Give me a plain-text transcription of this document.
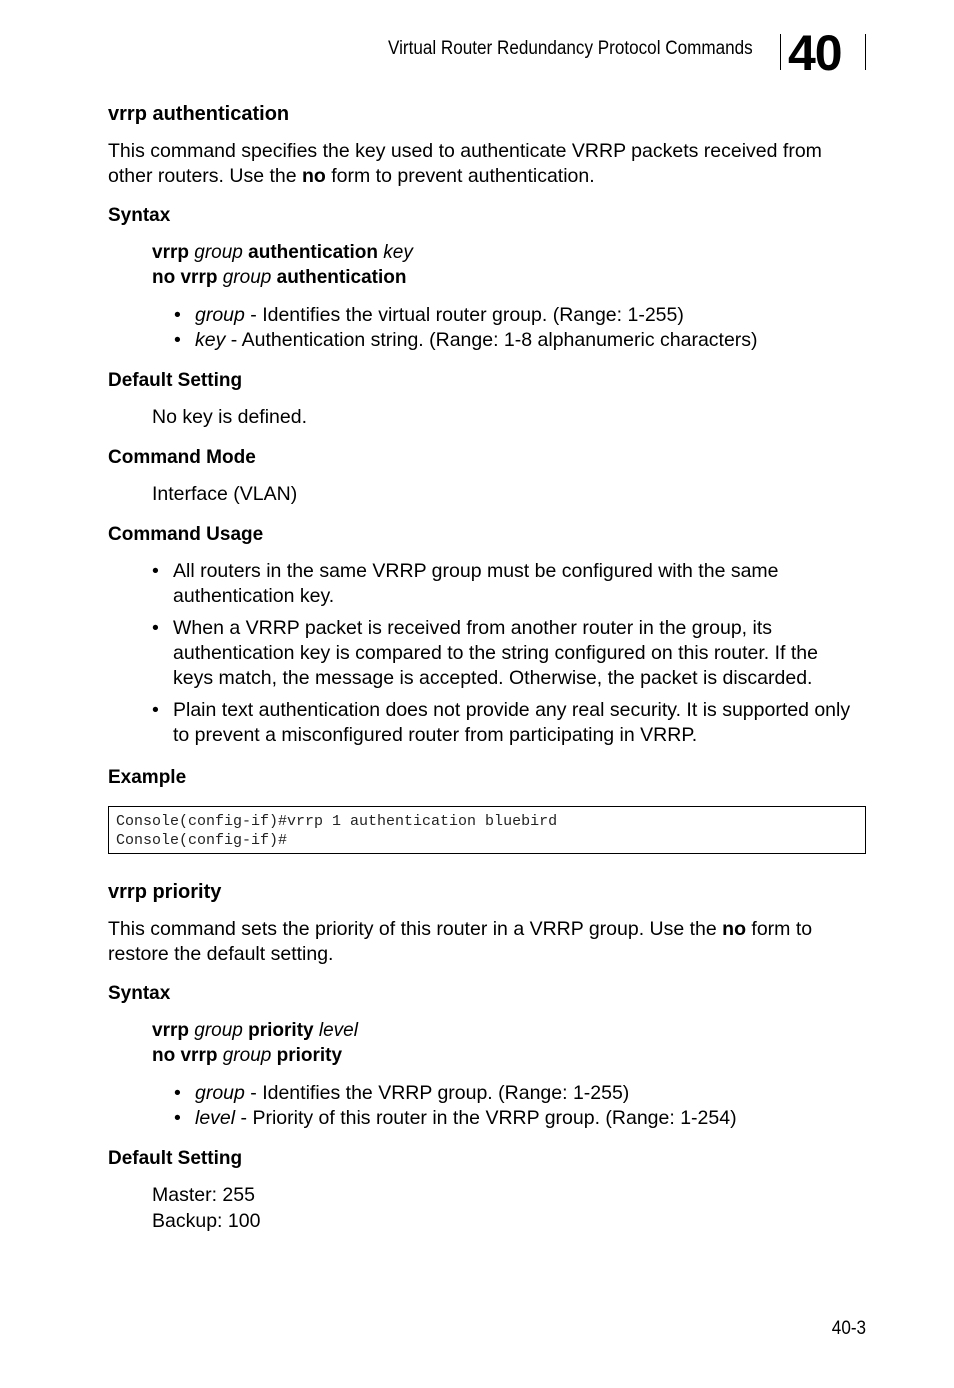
Virtual Router Redundancy Protocol Commands 40
vrrp authentication

This command specifies the key used to authenticate VRRP packets received from other routers. Use the no form to prevent authentication.

Syntax
vrrp group authentication key
no vrrp group authentication
• group - Identifies the virtual router group. (Range: 1-255)
• key - Authentication string. (Range: 1-8 alphanumeric characters)
Default Setting
No key is defined.
Command Mode
Interface (VLAN)
Command Usage
• All routers in the same VRRP group must be configured with the same authentication key.
• When a VRRP packet is received from another router in the group, its authentication key is compared to the string configured on this router. If the keys match, the message is accepted. Otherwise, the packet is discarded.
• Plain text authentication does not provide any real security. It is supported only to prevent a misconfigured router from participating in VRRP.
Example
Console(config-if)#vrrp 1 authentication bluebird
Console(config-if)#
vrrp priority

This command sets the priority of this router in a VRRP group. Use the no form to restore the default setting.

Syntax
vrrp group priority level
no vrrp group priority
• group - Identifies the VRRP group. (Range: 1-255)
• level - Priority of this router in the VRRP group. (Range: 1-254)
Default Setting
Master: 255
Backup: 100
40-3
